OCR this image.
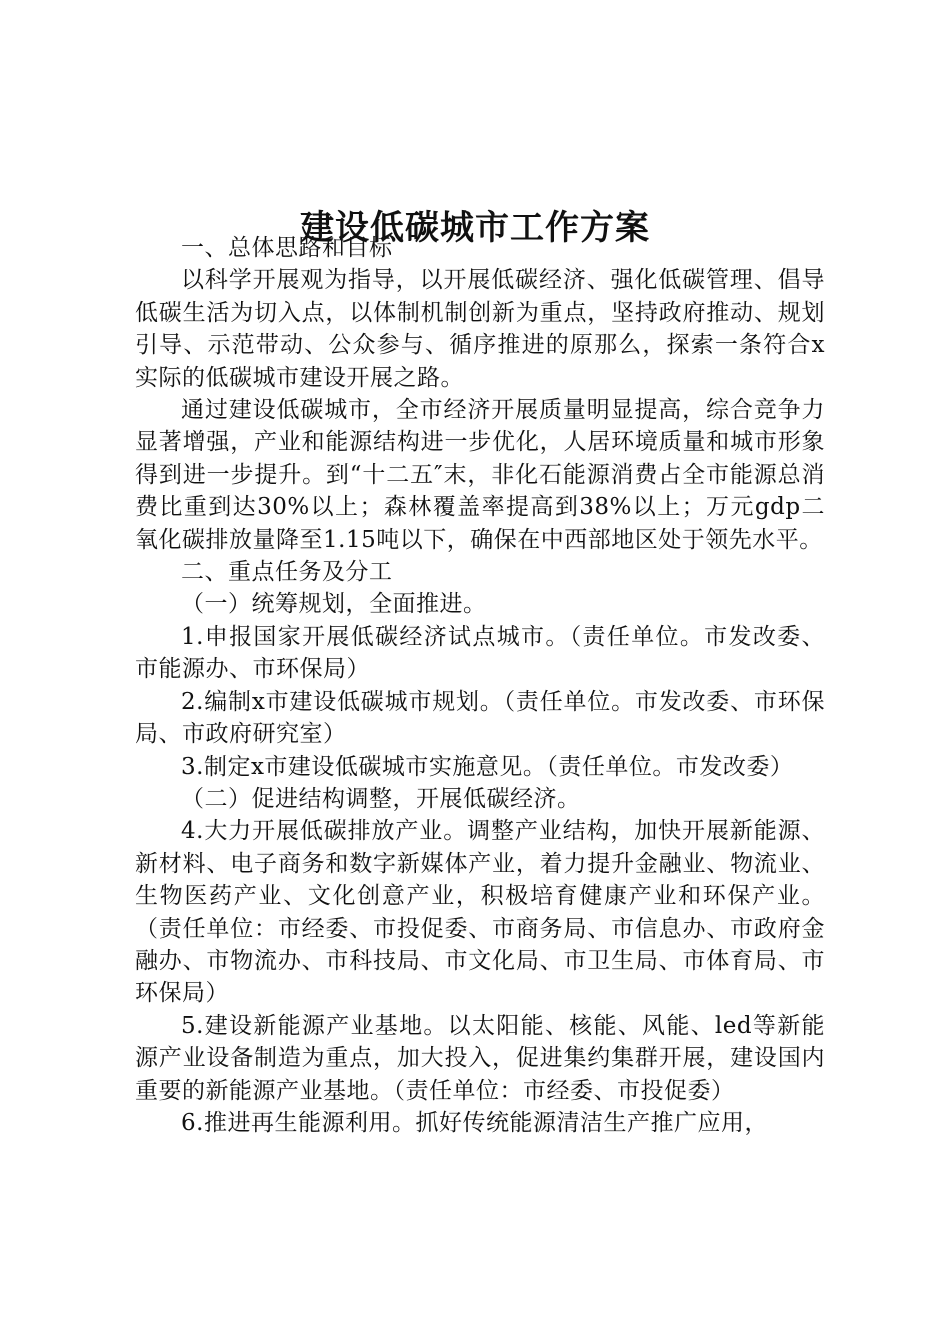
建设低碳城市工作方案

一、总体思路和目标

以科学开展观为指导，以开展低碳经济、强化低碳管理、倡导低碳生活为切入点，以体制机制创新为重点，坚持政府推动、规划引导、示范带动、公众参与、循序推进的原那么，探索一条符合x实际的低碳城市建设开展之路。

通过建设低碳城市，全市经济开展质量明显提高，综合竞争力显著增强，产业和能源结构进一步优化，人居环境质量和城市形象得到进一步提升。到“十二五″末，非化石能源消费占全市能源总消费比重到达30%以上；森林覆盖率提高到38%以上；万元gdp二氧化碳排放量降至1.15吨以下，确保在中西部地区处于领先水平。

二、重点任务及分工

（一）统筹规划，全面推进。

1.申报国家开展低碳经济试点城市。（责任单位。市发改委、市能源办、市环保局）

2.编制x市建设低碳城市规划。（责任单位。市发改委、市环保局、市政府研究室）

3.制定x市建设低碳城市实施意见。（责任单位。市发改委）

（二）促进结构调整，开展低碳经济。

4.大力开展低碳排放产业。调整产业结构，加快开展新能源、新材料、电子商务和数字新媒体产业，着力提升金融业、物流业、生物医药产业、文化创意产业，积极培育健康产业和环保产业。（责任单位：市经委、市投促委、市商务局、市信息办、市政府金融办、市物流办、市科技局、市文化局、市卫生局、市体育局、市环保局）

5.建设新能源产业基地。以太阳能、核能、风能、led等新能源产业设备制造为重点，加大投入，促进集约集群开展，建设国内重要的新能源产业基地。（责任单位：市经委、市投促委）

6.推进再生能源利用。抓好传统能源清洁生产推广应用，
